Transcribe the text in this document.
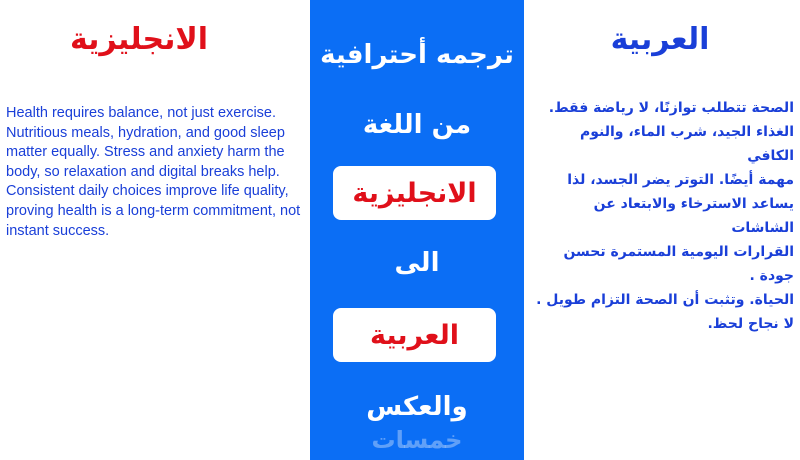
الانجليزية
Health requires balance, not just exercise. Nutritious meals, hydration, and good sleep matter equally. Stress and anxiety harm the body, so relaxation and digital breaks help. Consistent daily choices improve life quality, proving health is a long-term commitment, not instant success.
ترجمه أحترافية
من اللغة
الانجليزية
الى
العربية
والعكس
خمسات
العربية
الصحة تتطلب توازنًا، لا رياضة فقط.
الغذاء الجيد، شرب الماء، والنوم الكافي
مهمة أيضًا. التوتر يضر الجسد، لذا
يساعد الاسترخاء والابتعاد عن الشاشات
القرارات اليومية المستمرة تحسن جودة .
الحياة. وتثبت أن الصحة التزام طويل .
لا نجاح لحظ.
